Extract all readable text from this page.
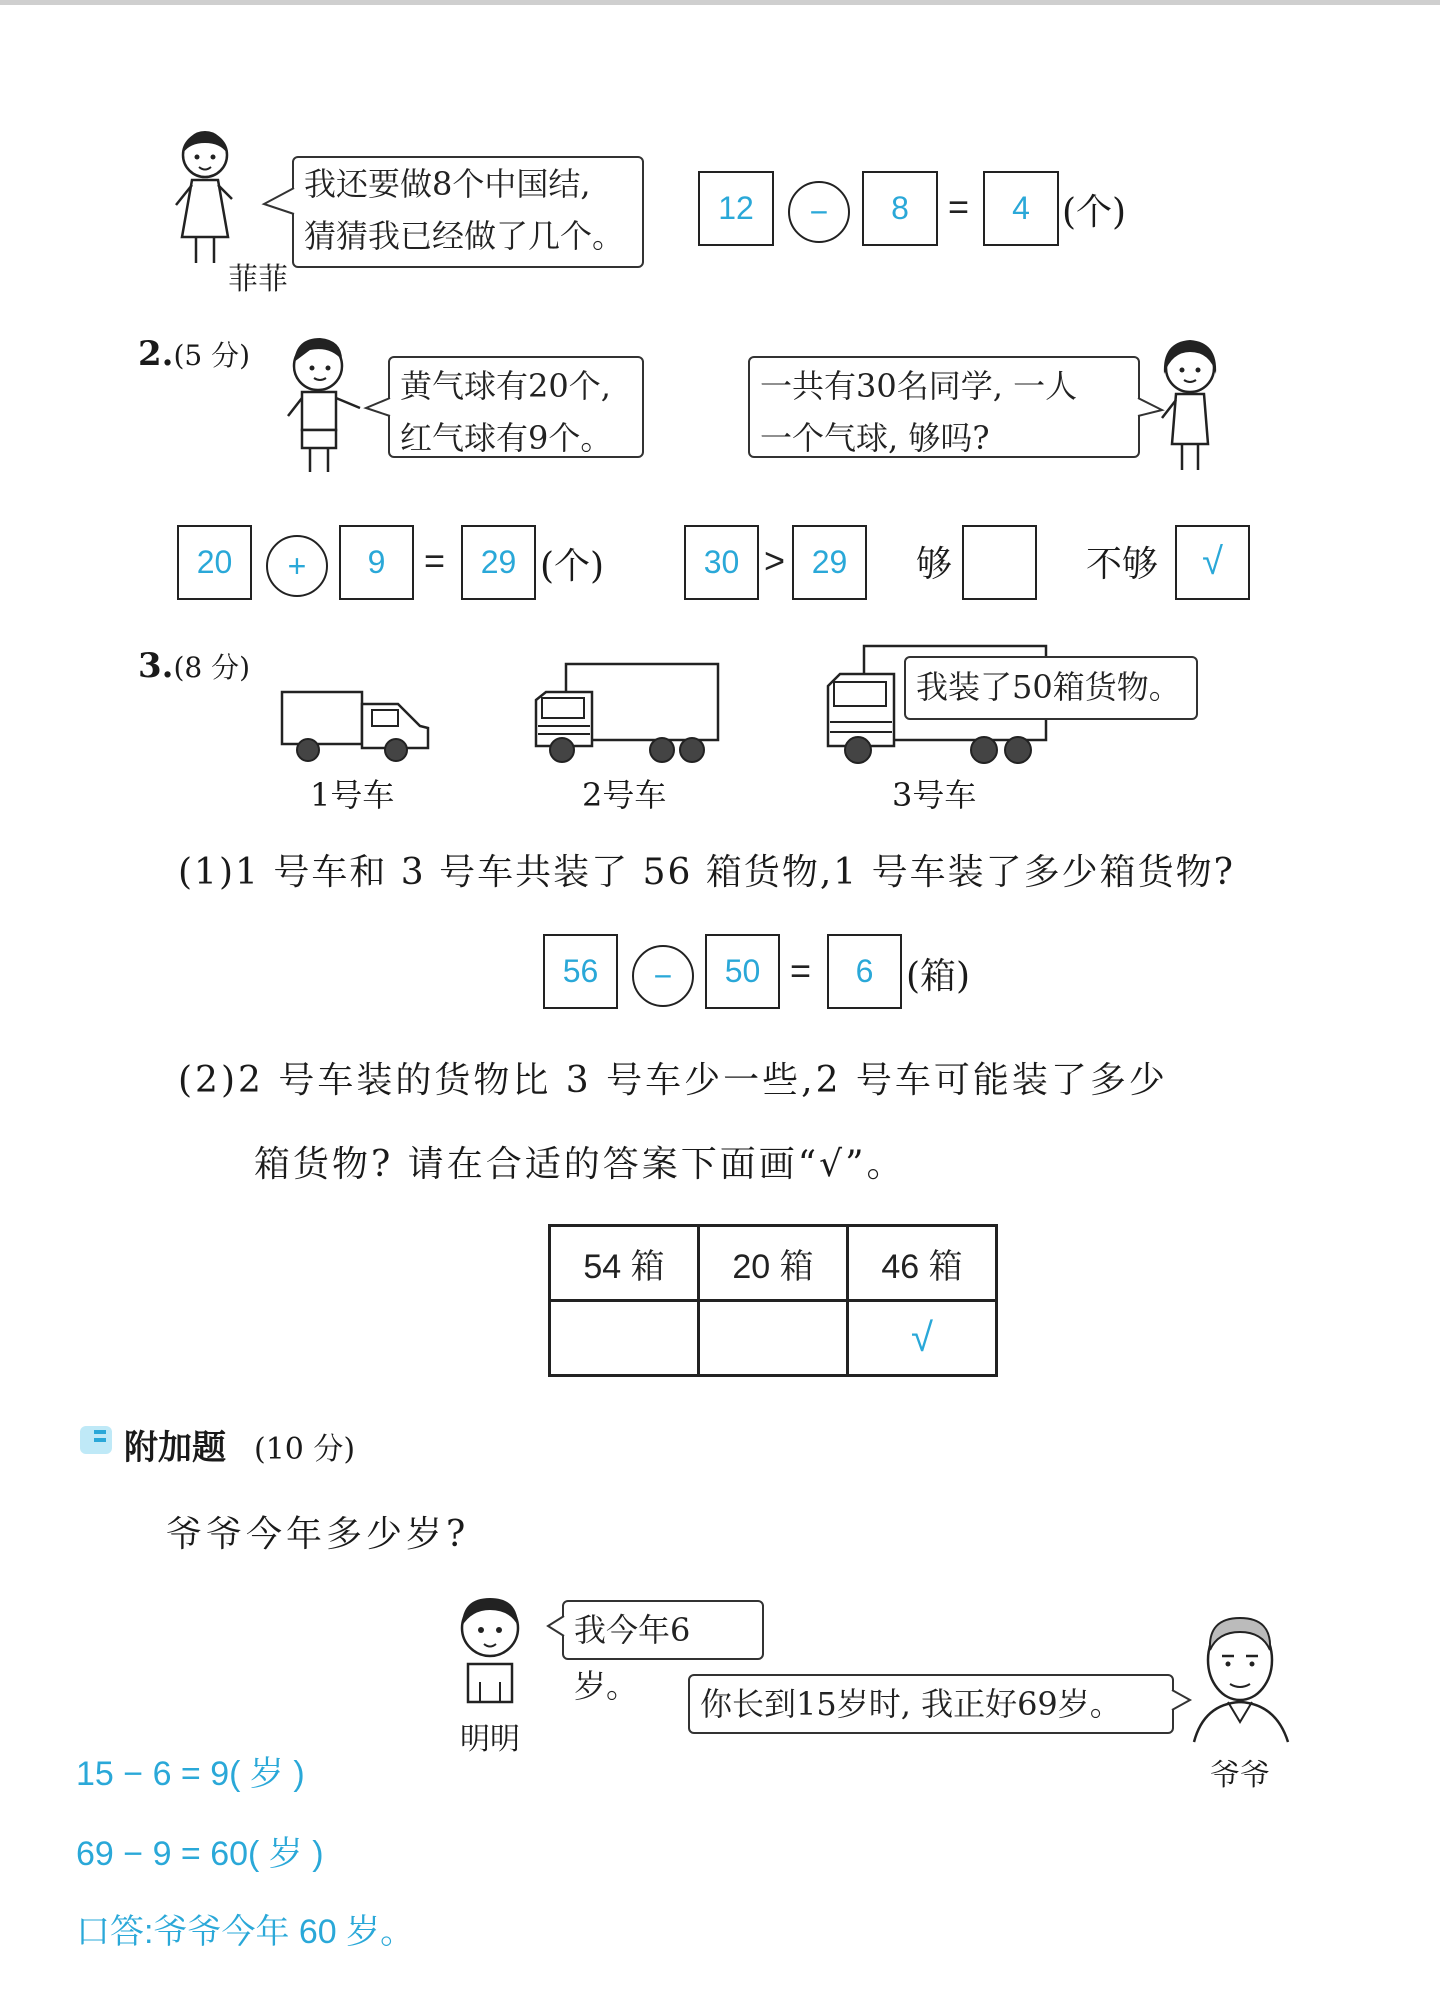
菲菲
我还要做8个中国结,
猜猜我已经做了几个。
12	−	8	=	4 (个)
2.(5 分)
黄气球有20个,
红气球有9个。
一共有30名同学, 一人
一个气球, 够吗?
20	+	9	=	29 (个)	30 > 29	够	不够	√
3.(8 分)
1号车	2号车
我装了50箱货物。
3号车
(1)1 号车和 3 号车共装了 56 箱货物,1 号车装了多少箱货物?
56	−	50 =	6 (箱)
(2)2 号车装的货物比 3 号车少一些,2 号车可能装了多少
箱货物? 请在合适的答案下面画“√”。
54 箱	20 箱	46 箱
		√
附加题 (10 分)
爷爷今年多少岁?
明明
我今年6岁。	你长到15岁时, 我正好69岁。
爷爷
15 − 6 = 9( 岁 )
69 − 9 = 60( 岁 )
口答:爷爷今年 60 岁。
